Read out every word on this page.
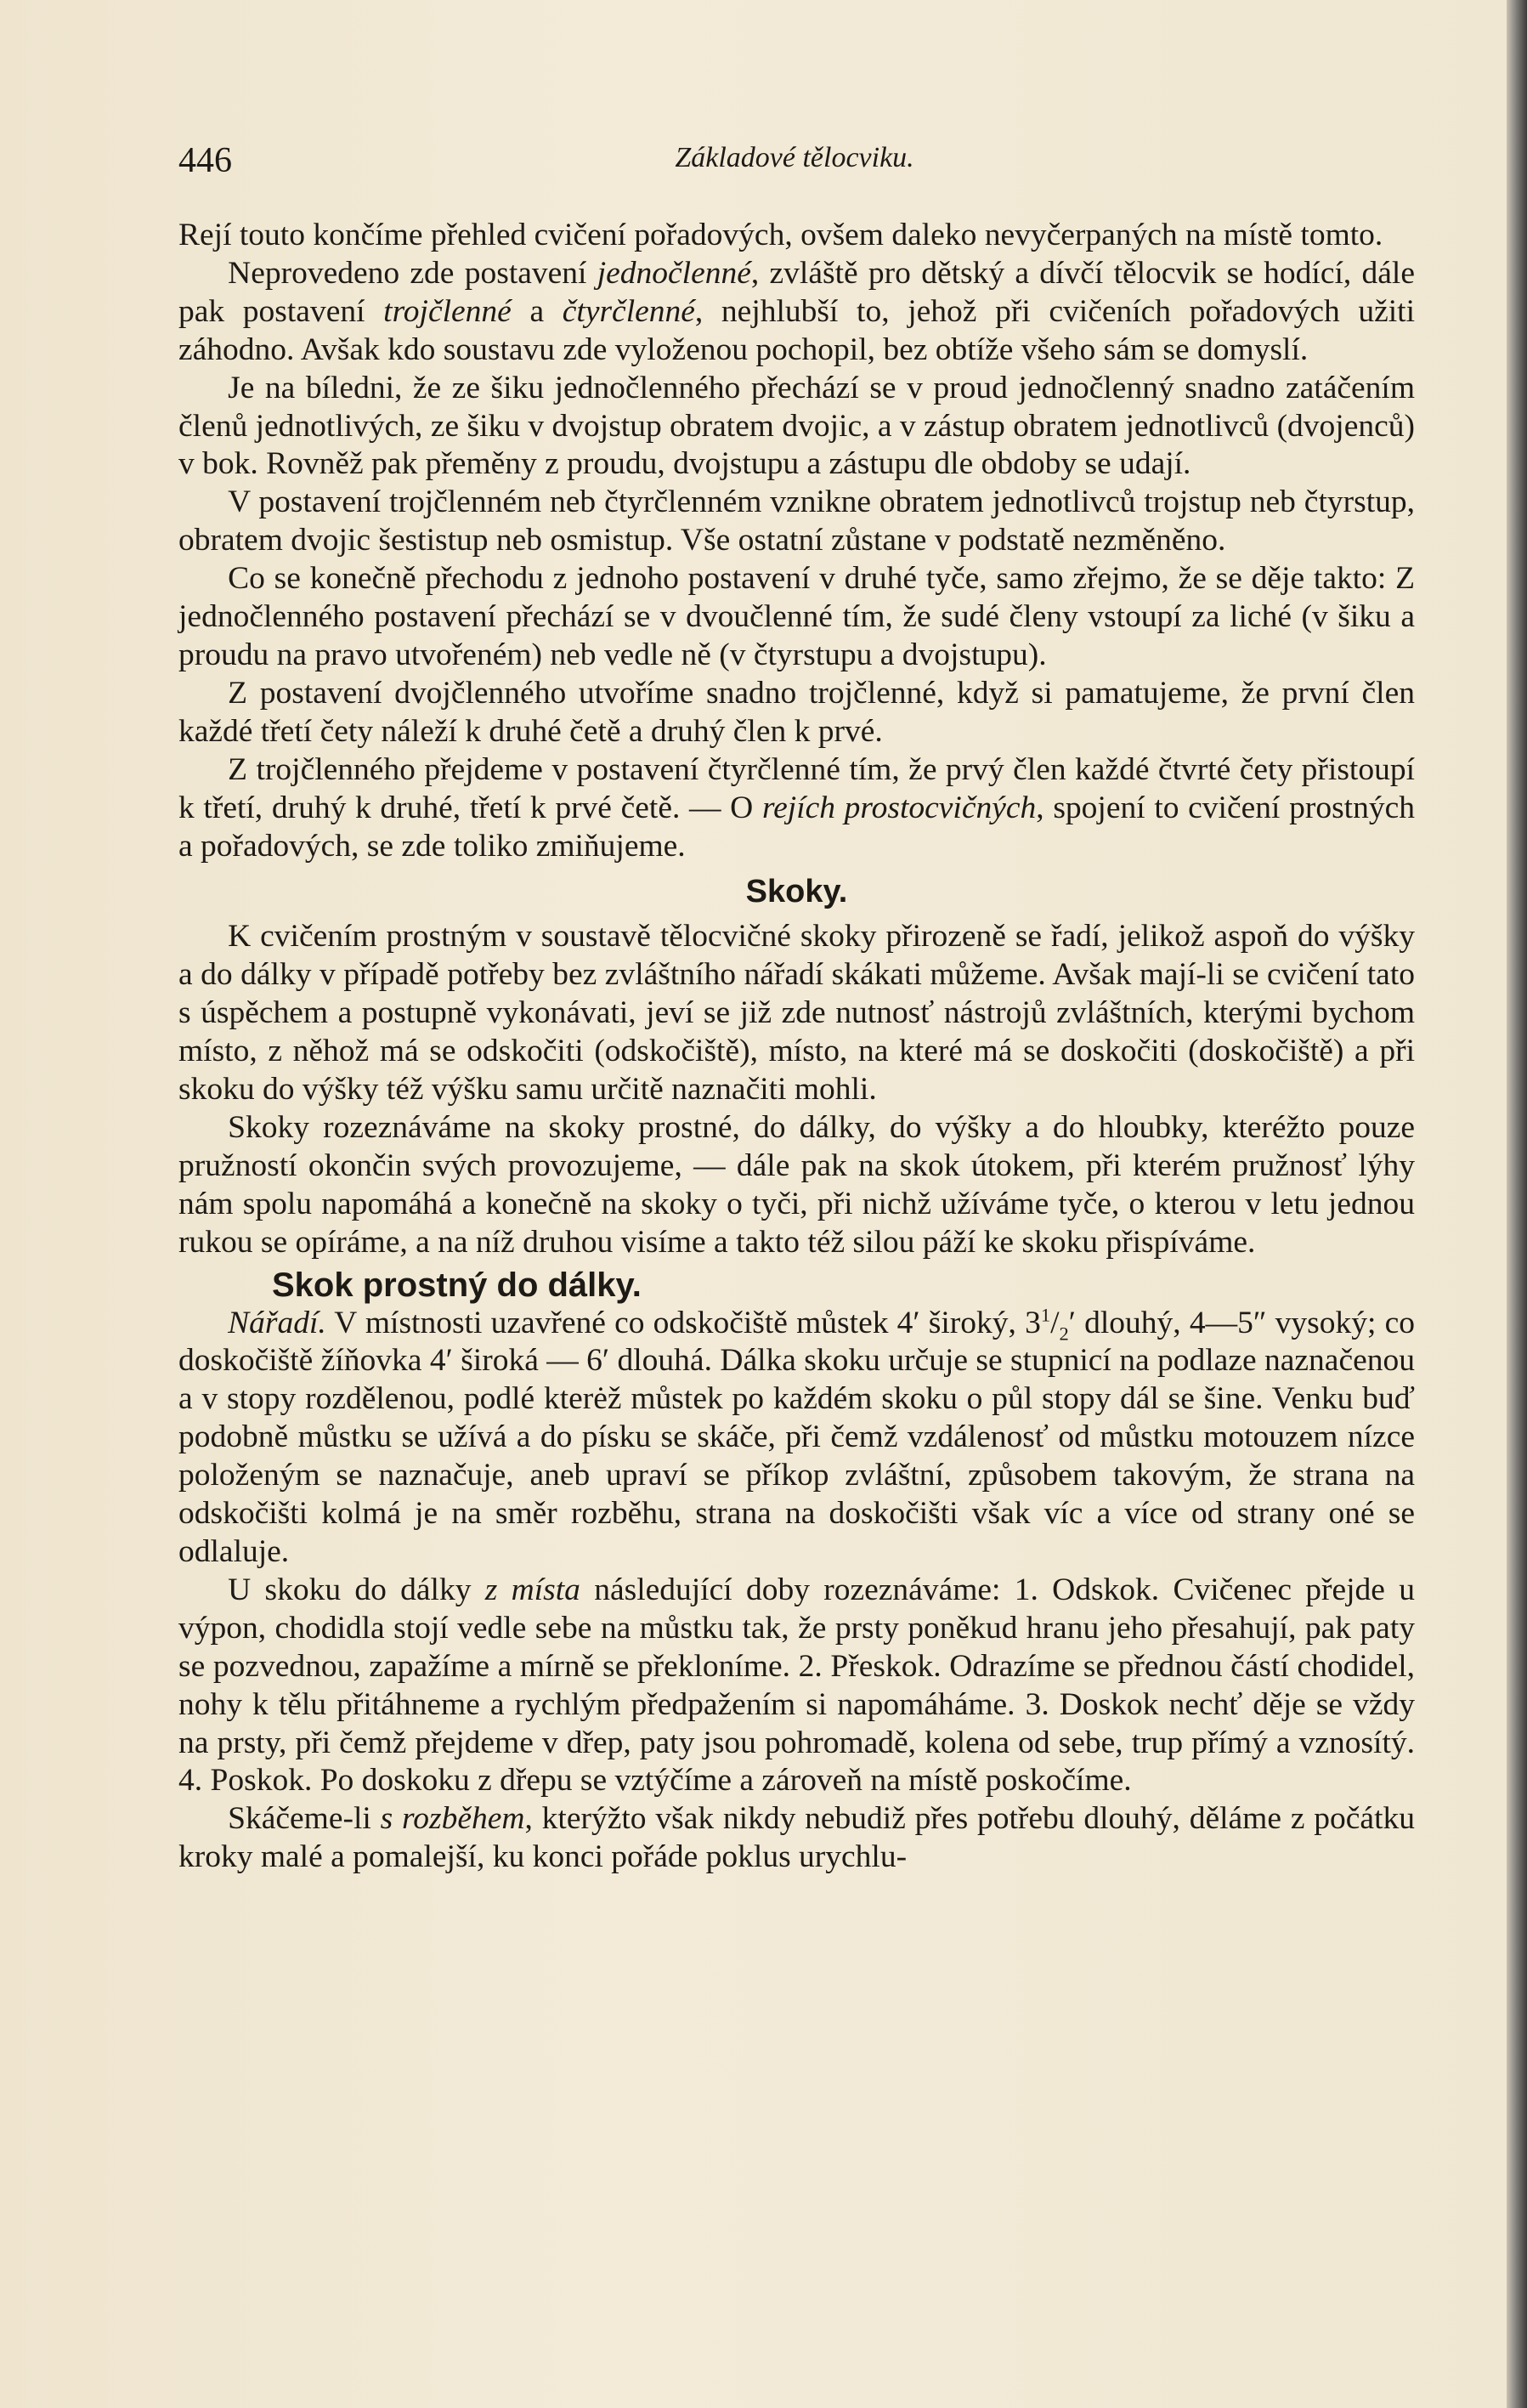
446	Základové tělocviku.

Rejí touto končíme přehled cvičení pořadových, ovšem daleko nevyčerpaných na místě tomto.

Neprovedeno zde postavení jednočlenné, zvláště pro dětský a dívčí tělocvik se hodící, dále pak postavení trojčlenné a čtyrčlenné, nejhlubší to, jehož při cvičeních pořadových užiti záhodno. Avšak kdo soustavu zde vyloženou pochopil, bez obtíže všeho sám se domyslí.

Je na bíledni, že ze šiku jednočlenného přechází se v proud jednočlenný snadno zatáčením členů jednotlivých, ze šiku v dvojstup obratem dvojic, a v zástup obratem jednotlivců (dvojenců) v bok. Rovněž pak přeměny z proudu, dvojstupu a zástupu dle obdoby se udají.

V postavení trojčlenném neb čtyrčlenném vznikne obratem jednotlivců trojstup neb čtyrstup, obratem dvojic šestistup neb osmistup. Vše ostatní zůstane v podstatě nezměněno.

Co se konečně přechodu z jednoho postavení v druhé tyče, samo zřejmo, že se děje takto: Z jednočlenného postavení přechází se v dvoučlenné tím, že sudé členy vstoupí za liché (v šiku a proudu na pravo utvořeném) neb vedle ně (v čtyrstupu a dvojstupu).

Z postavení dvojčlenného utvoříme snadno trojčlenné, když si pamatujeme, že první člen každé třetí čety náleží k druhé četě a druhý člen k prvé.

Z trojčlenného přejdeme v postavení čtyrčlenné tím, že prvý člen každé čtvrté čety přistoupí k třetí, druhý k druhé, třetí k prvé četě. — O rejích prostocvičných, spojení to cvičení prostných a pořadových, se zde toliko zmiňujeme.

Skoky.

K cvičením prostným v soustavě tělocvičné skoky přirozeně se řadí, jelikož aspoň do výšky a do dálky v případě potřeby bez zvláštního nářadí skákati můžeme. Avšak mají-li se cvičení tato s úspěchem a postupně vykonávati, jeví se již zde nutnosť nástrojů zvláštních, kterými bychom místo, z něhož má se odskočiti (odskočiště), místo, na které má se doskočiti (doskočiště) a při skoku do výšky též výšku samu určitě naznačiti mohli.

Skoky rozeznáváme na skoky prostné, do dálky, do výšky a do hloubky, kteréžto pouze pružností okončin svých provozujeme, — dále pak na skok útokem, při kterém pružnosť lýhy nám spolu napomáhá a konečně na skoky o tyči, při nichž užíváme tyče, o kterou v letu jednou rukou se opíráme, a na níž druhou visíme a takto též silou páží ke skoku přispíváme.

Skok prostný do dálky.

Nářadí. V místnosti uzavřené co odskočiště můstek 4′ široký, $3^1/_2'$ dlouhý, 4—5″ vysoký; co doskočiště žíňovka 4′ široká — 6′ dlouhá. Dálka skoku určuje se stupnicí na podlaze naznačenou a v stopy rozdělenou, podlé kterėž můstek po každém skoku o půl stopy dál se šine. Venku buď podobně můstku se užívá a do písku se skáče, při čemž vzdálenosť od můstku motouzem nízce položeným se naznačuje, aneb upraví se příkop zvláštní, způsobem takovým, že strana na odskočišti kolmá je na směr rozběhu, strana na doskočišti však víc a více od strany oné se odlaluje.

U skoku do dálky z místa následující doby rozeznáváme: 1. Odskok. Cvičenec přejde u výpon, chodidla stojí vedle sebe na můstku tak, že prsty poněkud hranu jeho přesahují, pak paty se pozvednou, zapažíme a mírně se překloníme. 2. Přeskok. Odrazíme se přednou částí chodidel, nohy k tělu přitáhneme a rychlým předpažením si napomáháme. 3. Doskok nechť děje se vždy na prsty, při čemž přejdeme v dřep, paty jsou pohromadě, kolena od sebe, trup přímý a vznosítý. 4. Poskok. Po doskoku z dřepu se vztýčíme a zároveň na místě poskočíme.

Skáčeme-li s rozběhem, kterýžto však nikdy nebudiž přes potřebu dlouhý, děláme z počátku kroky malé a pomalejší, ku konci pořáde poklus urychlu-
